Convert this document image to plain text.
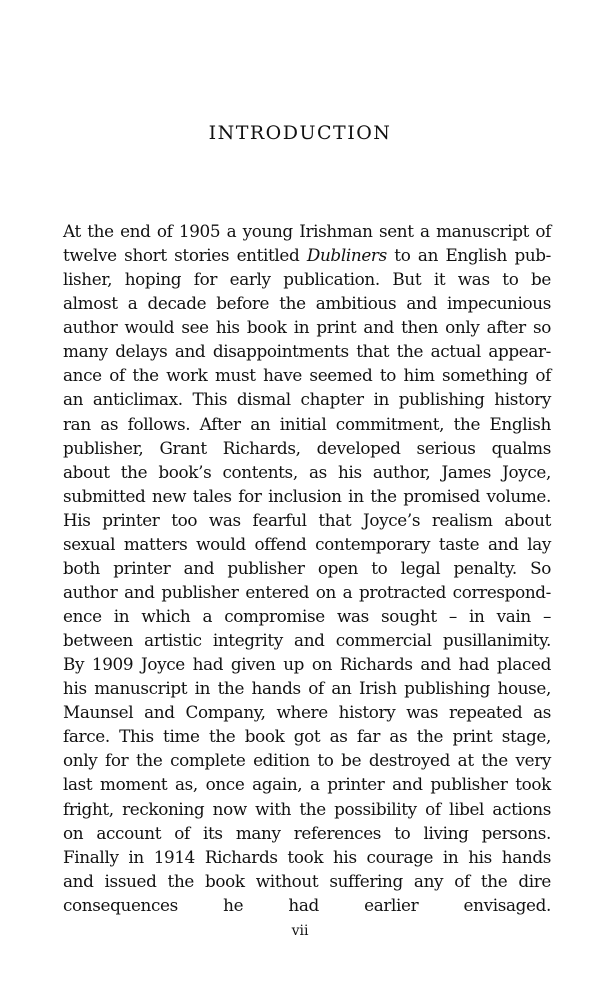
INTRODUCTION
At the end of 1905 a young Irishman sent a manuscript of
twelve short stories entitled Dubliners to an English pub-
lisher, hoping for early publication. But it was to be
almost a decade before the ambitious and impecunious
author would see his book in print and then only after so
many delays and disappointments that the actual appear-
ance of the work must have seemed to him something of
an anticlimax. This dismal chapter in publishing history
ran as follows. After an initial commitment, the English
publisher, Grant Richards, developed serious qualms
about the book’s contents, as his author, James Joyce,
submitted new tales for inclusion in the promised volume.
His printer too was fearful that Joyce’s realism about
sexual matters would offend contemporary taste and lay
both printer and publisher open to legal penalty. So
author and publisher entered on a protracted correspond-
ence in which a compromise was sought – in vain –
between artistic integrity and commercial pusillanimity.
By 1909 Joyce had given up on Richards and had placed
his manuscript in the hands of an Irish publishing house,
Maunsel and Company, where history was repeated as
farce. This time the book got as far as the print stage,
only for the complete edition to be destroyed at the very
last moment as, once again, a printer and publisher took
fright, reckoning now with the possibility of libel actions
on account of its many references to living persons.
Finally in 1914 Richards took his courage in his hands
and issued the book without suffering any of the dire
consequences he had earlier envisaged.

vii
